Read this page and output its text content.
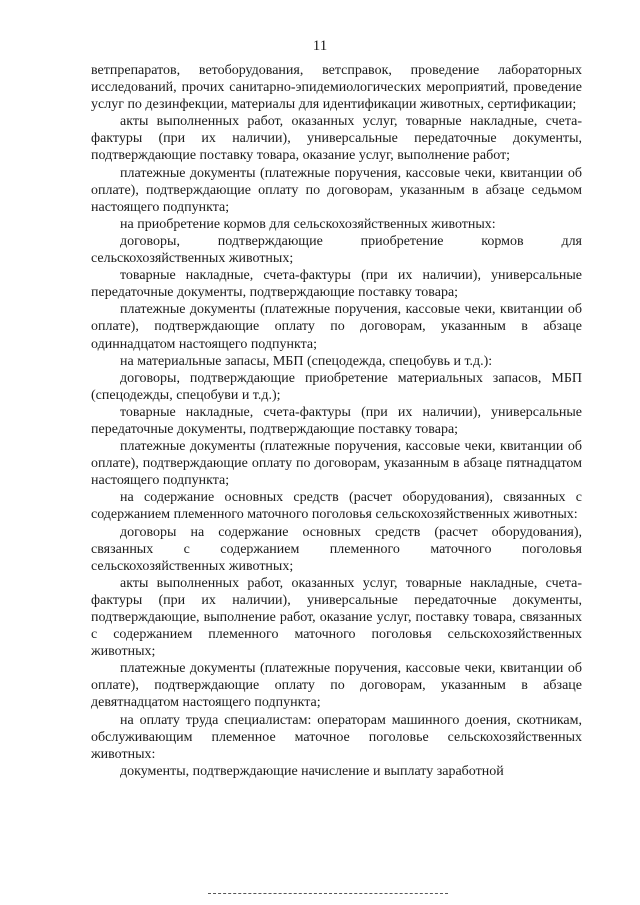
11

ветпрепаратов, ветоборудования, ветсправок, проведение лабораторных исследований, прочих санитарно-эпидемиологических мероприятий, проведение услуг по дезинфекции, материалы для идентификации животных, сертификации;

акты выполненных работ, оказанных услуг, товарные накладные, счета-фактуры (при их наличии), универсальные передаточные документы, подтверждающие поставку товара, оказание услуг, выполнение работ;

платежные документы (платежные поручения, кассовые чеки, квитанции об оплате), подтверждающие оплату по договорам, указанным в абзаце седьмом настоящего подпункта;

на приобретение кормов для сельскохозяйственных животных:

договоры, подтверждающие приобретение кормов для сельскохозяйственных животных;

товарные накладные, счета-фактуры (при их наличии), универсальные передаточные документы, подтверждающие поставку товара;

платежные документы (платежные поручения, кассовые чеки, квитанции об оплате), подтверждающие оплату по договорам, указанным в абзаце одиннадцатом настоящего подпункта;

на материальные запасы, МБП (спецодежда, спецобувь и т.д.):

договоры, подтверждающие приобретение материальных запасов, МБП (спецодежды, спецобуви и т.д.);

товарные накладные, счета-фактуры (при их наличии), универсальные передаточные документы, подтверждающие поставку товара;

платежные документы (платежные поручения, кассовые чеки, квитанции об оплате), подтверждающие оплату по договорам, указанным в абзаце пятнадцатом настоящего подпункта;

на содержание основных средств (расчет оборудования), связанных с содержанием племенного маточного поголовья сельскохозяйственных животных:

договоры на содержание основных средств (расчет оборудования), связанных с содержанием племенного маточного поголовья сельскохозяйственных животных;

акты выполненных работ, оказанных услуг, товарные накладные, счета-фактуры (при их наличии), универсальные передаточные документы, подтверждающие, выполнение работ, оказание услуг, поставку товара, связанных с содержанием племенного маточного поголовья сельскохозяйственных животных;

платежные документы (платежные поручения, кассовые чеки, квитанции об оплате), подтверждающие оплату по договорам, указанным в абзаце девятнадцатом настоящего подпункта;

на оплату труда специалистам: операторам машинного доения, скотникам, обслуживающим племенное маточное поголовье сельскохозяйственных животных:

документы, подтверждающие начисление и выплату заработной
